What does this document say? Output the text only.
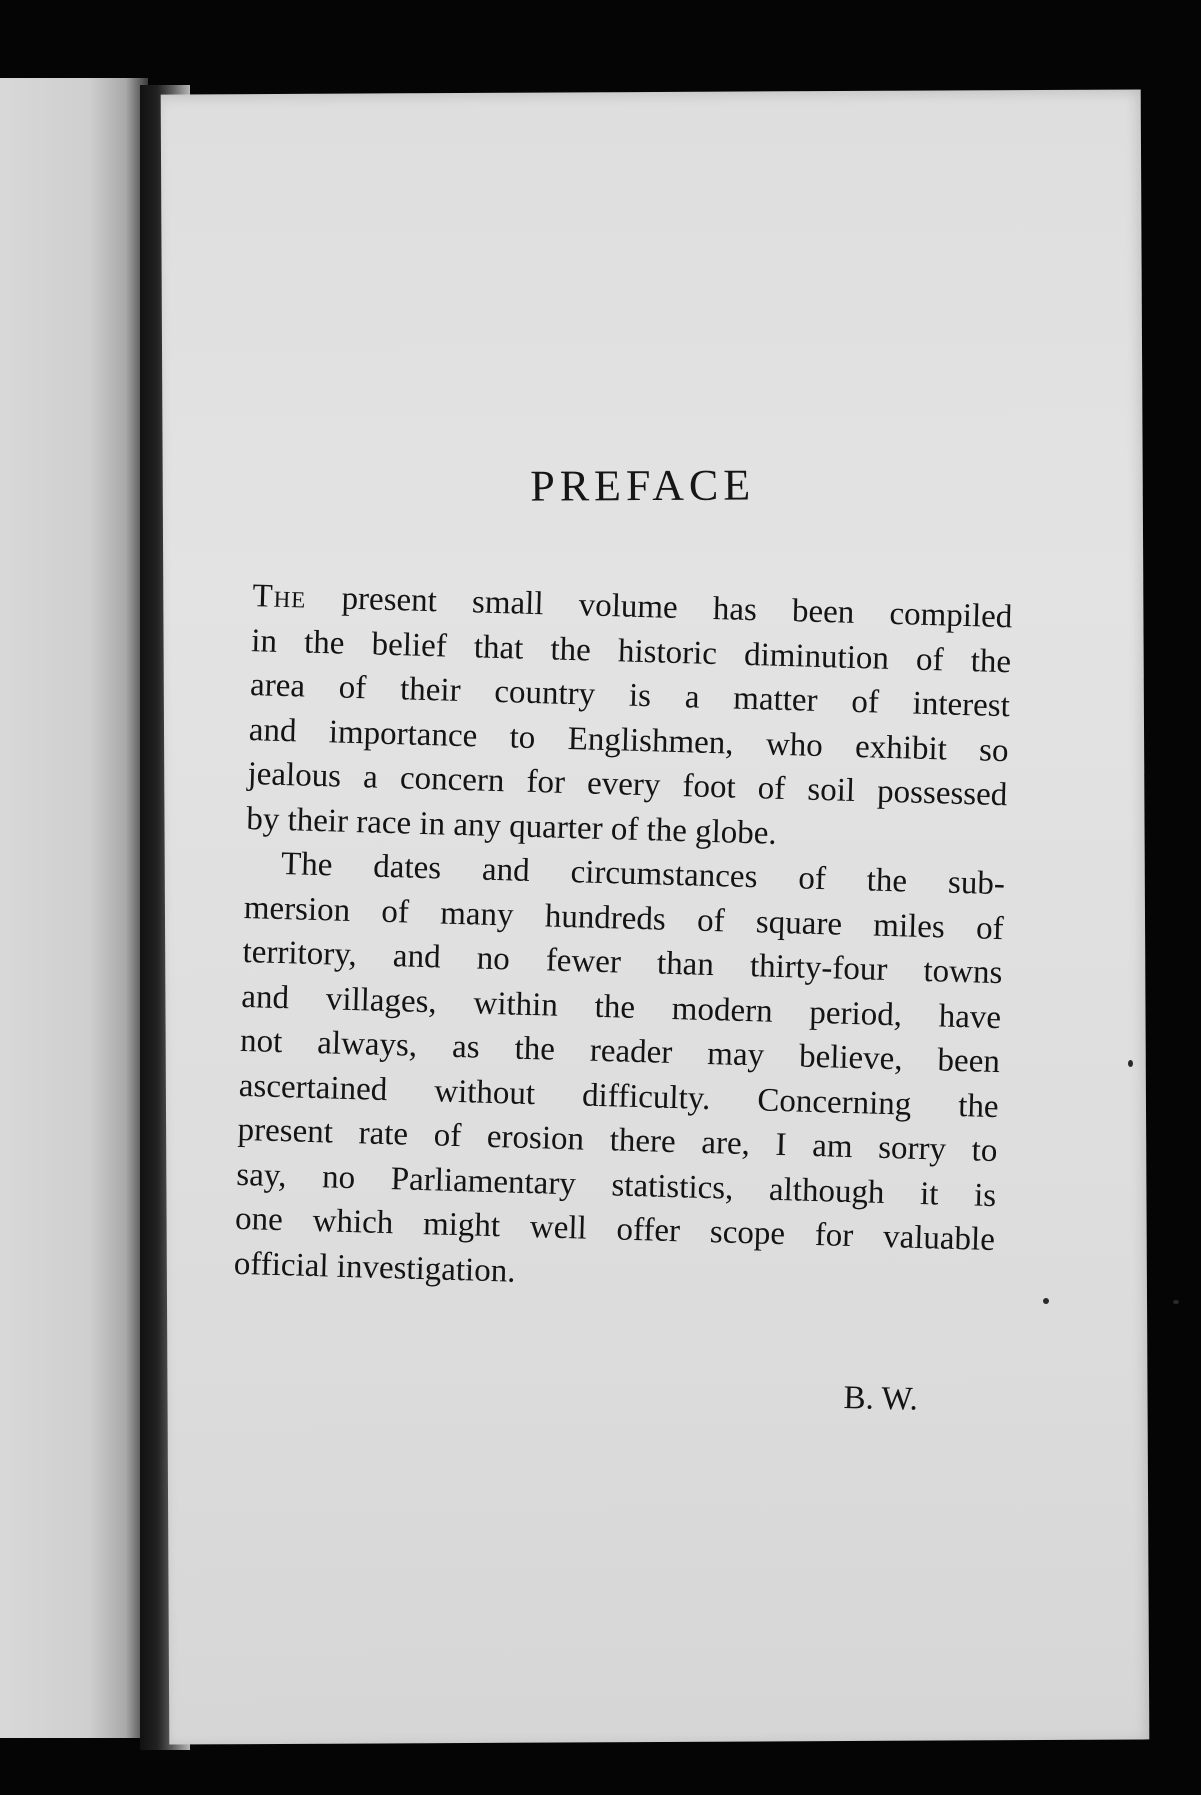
PREFACE

The present small volume has been compiled
in the belief that the historic diminution of the
area of their country is a matter of interest
and importance to Englishmen, who exhibit so
jealous a concern for every foot of soil possessed
by their race in any quarter of the globe.

The dates and circumstances of the sub-
mersion of many hundreds of square miles of
territory, and no fewer than thirty-four towns
and villages, within the modern period, have
not always, as the reader may believe, been
ascertained without difficulty. Concerning the
present rate of erosion there are, I am sorry to
say, no Parliamentary statistics, although it is
one which might well offer scope for valuable
official investigation.

B. W.
